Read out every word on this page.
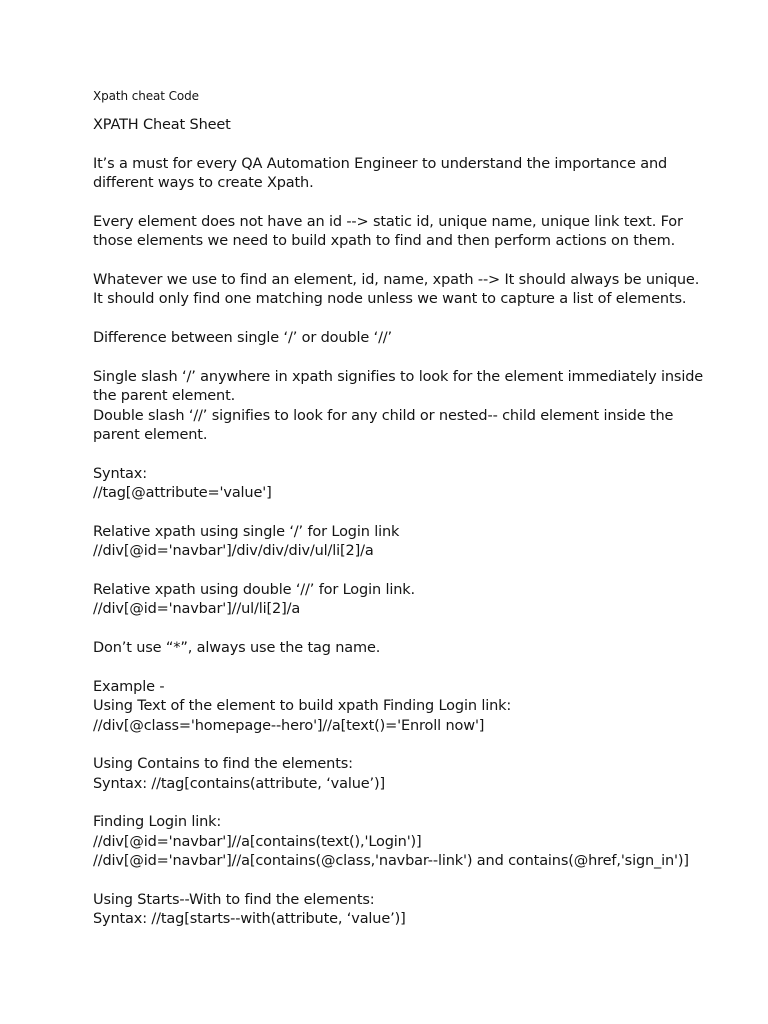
Xpath cheat Code
XPATH Cheat Sheet
It’s a must for every QA Automation Engineer to understand the importance and
different ways to create Xpath.
Every element does not have an id --> static id, unique name, unique link text. For
those elements we need to build xpath to find and then perform actions on them.
Whatever we use to find an element, id, name, xpath --> It should always be unique.
It should only find one matching node unless we want to capture a list of elements.
Difference between single ‘/’ or double ‘//’
Single slash ‘/’ anywhere in xpath signifies to look for the element immediately inside
the parent element.
Double slash ‘//’ signifies to look for any child or nested-- child element inside the
parent element.
Syntax:
//tag[@attribute='value']
Relative xpath using single ‘/’ for Login link
//div[@id='navbar']/div/div/div/ul/li[2]/a
Relative xpath using double ‘//’ for Login link.
//div[@id='navbar']//ul/li[2]/a
Don’t use “*”, always use the tag name.
Example -
Using Text of the element to build xpath Finding Login link:
//div[@class='homepage--hero']//a[text()='Enroll now']
Using Contains to find the elements:
Syntax: //tag[contains(attribute, ‘value’)]
Finding Login link:
//div[@id='navbar']//a[contains(text(),'Login')]
//div[@id='navbar']//a[contains(@class,'navbar--link') and contains(@href,'sign_in')]
Using Starts--With to find the elements:
Syntax: //tag[starts--with(attribute, ‘value’)]
